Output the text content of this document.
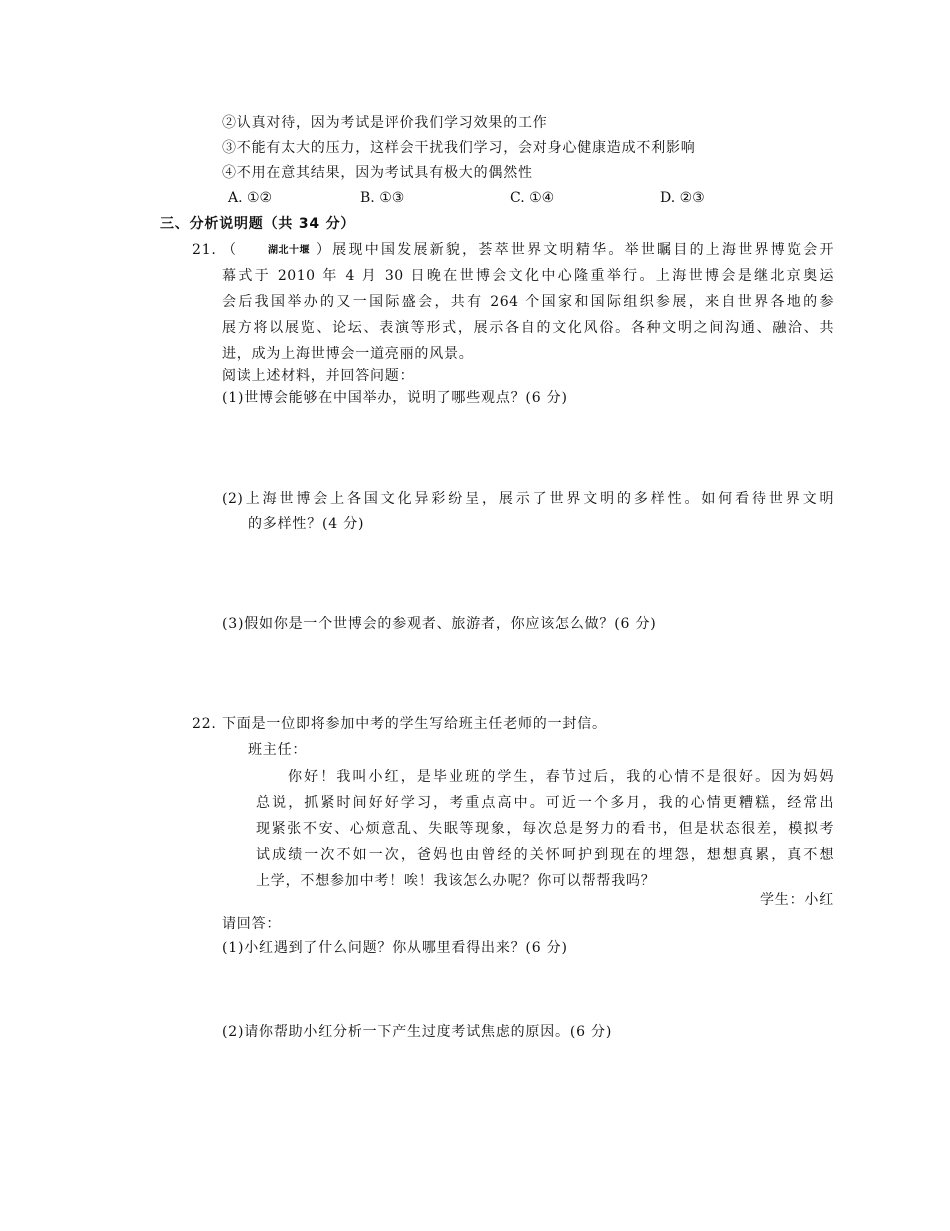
②认真对待，因为考试是评价我们学习效果的工作
③不能有太大的压力，这样会干扰我们学习，会对身心健康造成不利影响
④不用在意其结果，因为考试具有极大的偶然性
A. ①②	B. ①③	C. ①④	D. ②③
三、分析说明题（共 34 分）
21. （	湖北十堰 ）展现中国发展新貌，荟萃世界文明精华。举世瞩目的上海世界博览会开
幕式于 2010 年 4 月 30 日晚在世博会文化中心隆重举行。上海世博会是继北京奥运
会后我国举办的又一国际盛会，共有 264 个国家和国际组织参展，来自世界各地的参
展方将以展览、论坛、表演等形式，展示各自的文化风俗。各种文明之间沟通、融洽、共
进，成为上海世博会一道亮丽的风景。
阅读上述材料，并回答问题：
(1)世博会能够在中国举办，说明了哪些观点？(6 分)
(2)上海世博会上各国文化异彩纷呈，展示了世界文明的多样性。如何看待世界文明
的多样性？(4 分)
(3)假如你是一个世博会的参观者、旅游者，你应该怎么做？(6 分)
22. 下面是一位即将参加中考的学生写给班主任老师的一封信。
班主任：
你好！我叫小红，是毕业班的学生，春节过后，我的心情不是很好。因为妈妈
总说，抓紧时间好好学习，考重点高中。可近一个多月，我的心情更糟糕，经常出
现紧张不安、心烦意乱、失眠等现象，每次总是努力的看书，但是状态很差，模拟考
试成绩一次不如一次，爸妈也由曾经的关怀呵护到现在的埋怨，想想真累，真不想
上学，不想参加中考！唉！我该怎么办呢？你可以帮帮我吗？
学生：小红
请回答：
(1)小红遇到了什么问题？你从哪里看得出来？(6 分)
(2)请你帮助小红分析一下产生过度考试焦虑的原因。(6 分)
